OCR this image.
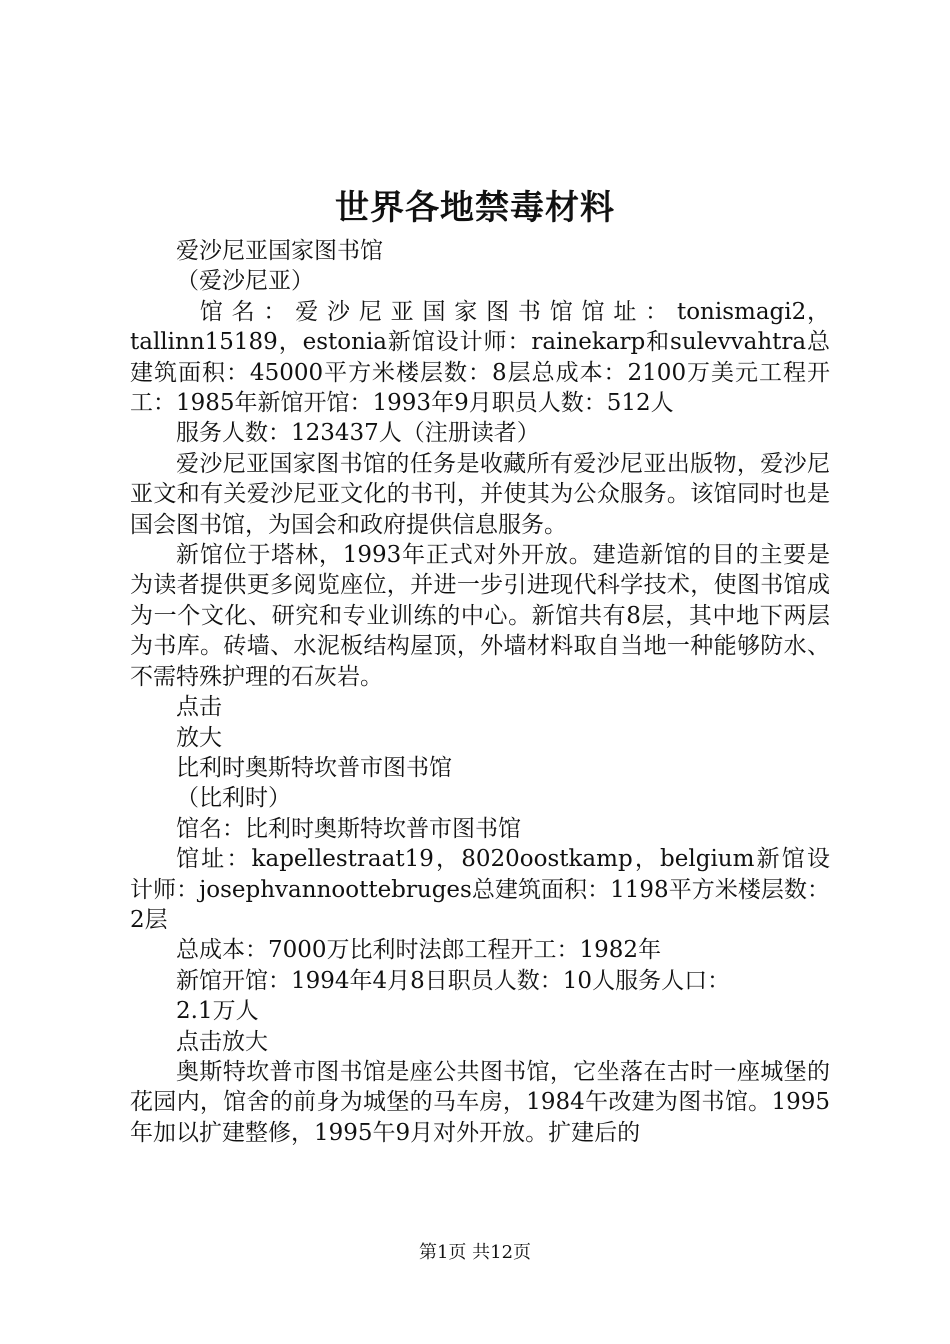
世界各地禁毒材料

爱沙尼亚国家图书馆

（爱沙尼亚）

　馆 名 ： 爱 沙 尼 亚 国 家 图 书 馆 馆 址 ： tonismagi2，tallinn15189，estonia新馆设计师：rainekarp和sulevvahtra总建筑面积：45000平方米楼层数：8层总成本：2100万美元工程开工：1985年新馆开馆：1993年9月职员人数：512人

服务人数：123437人（注册读者）

爱沙尼亚国家图书馆的任务是收藏所有爱沙尼亚出版物，爱沙尼亚文和有关爱沙尼亚文化的书刊，并使其为公众服务。该馆同时也是国会图书馆，为国会和政府提供信息服务。

新馆位于塔林，1993年正式对外开放。建造新馆的目的主要是为读者提供更多阅览座位，并进一步引进现代科学技术，使图书馆成为一个文化、研究和专业训练的中心。新馆共有8层，其中地下两层为书库。砖墙、水泥板结构屋顶，外墙材料取自当地一种能够防水、不需特殊护理的石灰岩。

点击

放大

比利时奥斯特坎普市图书馆

（比利时）

馆名：比利时奥斯特坎普市图书馆

馆址：kapellestraat19，8020oostkamp，belgium新馆设计师：josephvannoottebruges总建筑面积：1198平方米楼层数：2层

总成本：7000万比利时法郎工程开工：1982年

新馆开馆：1994年4月8日职员人数：10人服务人口：

2.1万人

点击放大

奥斯特坎普市图书馆是座公共图书馆，它坐落在古时一座城堡的花园内，馆舍的前身为城堡的马车房，1984午改建为图书馆。1995年加以扩建整修，1995午9月对外开放。扩建后的

第1页 共12页
